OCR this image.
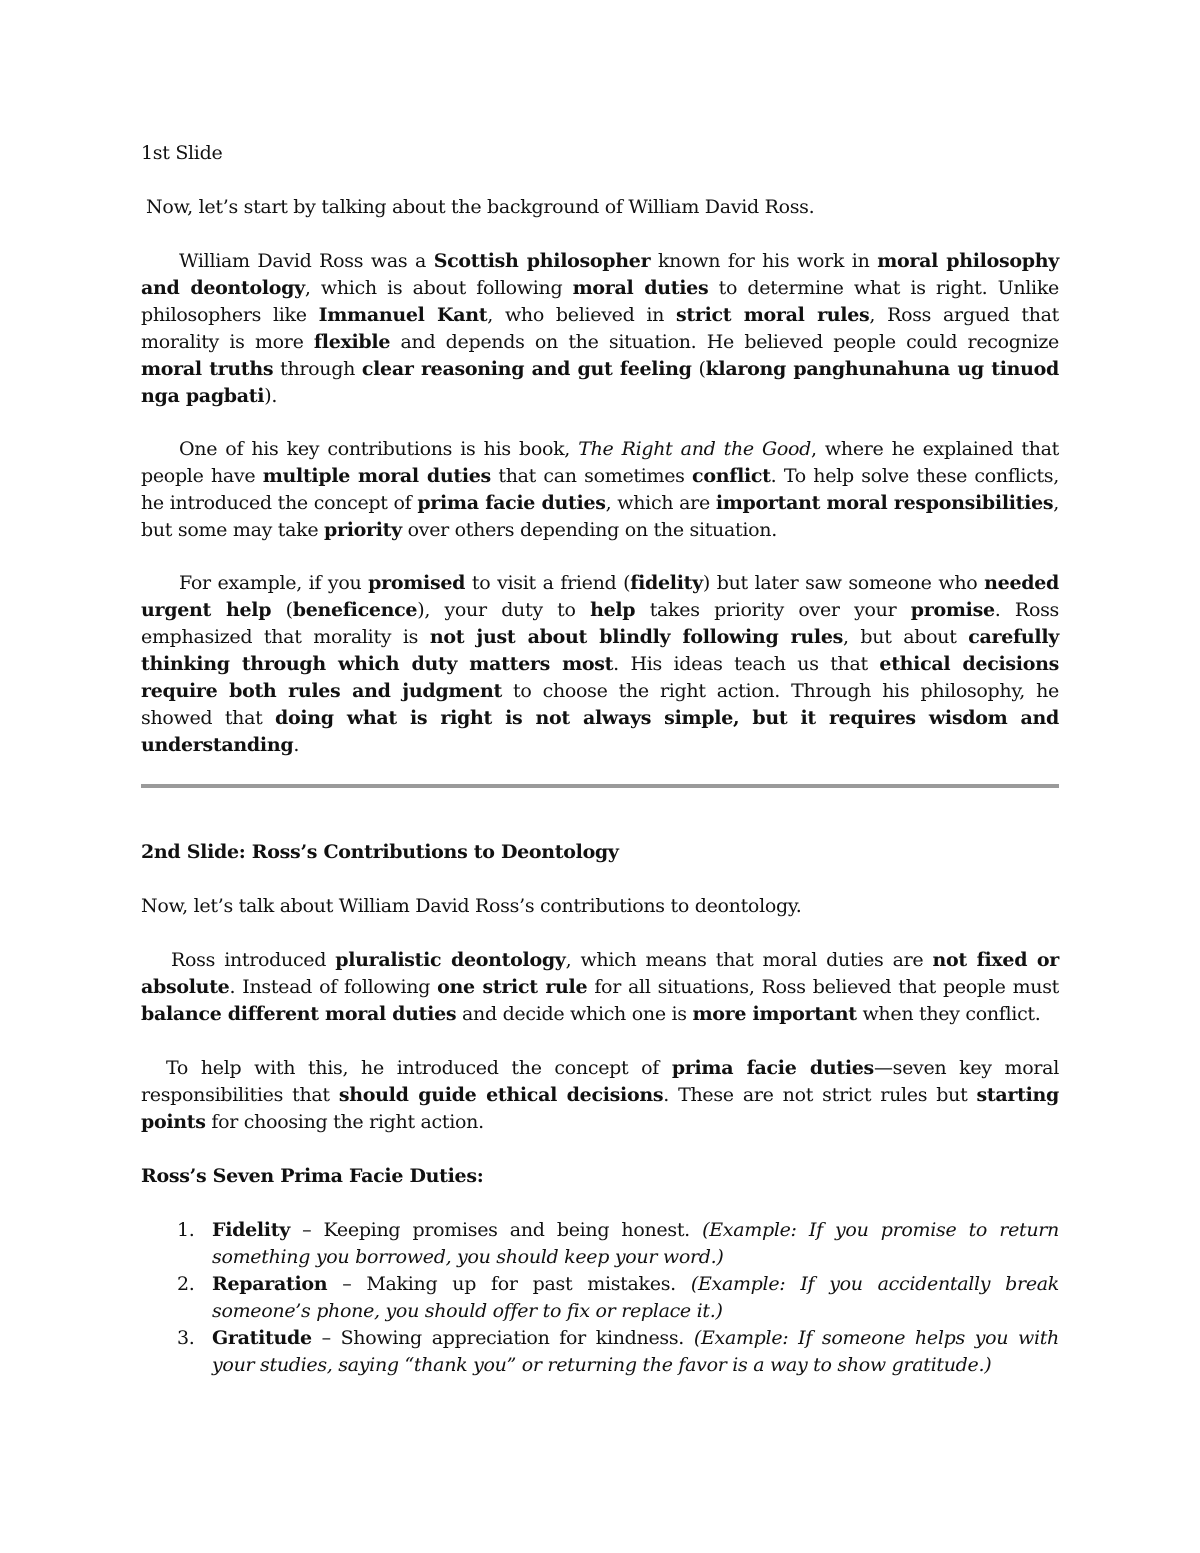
1st Slide

Now, let’s start by talking about the background of William David Ross.

William David Ross was a Scottish philosopher known for his work in moral philosophy and deontology, which is about following moral duties to determine what is right. Unlike philosophers like Immanuel Kant, who believed in strict moral rules, Ross argued that morality is more flexible and depends on the situation. He believed people could recognize moral truths through clear reasoning and gut feeling (klarong panghunahuna ug tinuod nga pagbati).

One of his key contributions is his book, The Right and the Good, where he explained that people have multiple moral duties that can sometimes conflict. To help solve these conflicts, he introduced the concept of prima facie duties, which are important moral responsibilities, but some may take priority over others depending on the situation.

For example, if you promised to visit a friend (fidelity) but later saw someone who needed urgent help (beneficence), your duty to help takes priority over your promise. Ross emphasized that morality is not just about blindly following rules, but about carefully thinking through which duty matters most. His ideas teach us that ethical decisions require both rules and judgment to choose the right action. Through his philosophy, he showed that doing what is right is not always simple, but it requires wisdom and understanding.

2nd Slide: Ross’s Contributions to Deontology

Now, let’s talk about William David Ross’s contributions to deontology.

Ross introduced pluralistic deontology, which means that moral duties are not fixed or absolute. Instead of following one strict rule for all situations, Ross believed that people must balance different moral duties and decide which one is more important when they conflict.

To help with this, he introduced the concept of prima facie duties—seven key moral responsibilities that should guide ethical decisions. These are not strict rules but starting points for choosing the right action.

Ross’s Seven Prima Facie Duties:

1. Fidelity – Keeping promises and being honest. (Example: If you promise to return something you borrowed, you should keep your word.)
2. Reparation – Making up for past mistakes. (Example: If you accidentally break someone’s phone, you should offer to fix or replace it.)
3. Gratitude – Showing appreciation for kindness. (Example: If someone helps you with your studies, saying “thank you” or returning the favor is a way to show gratitude.)
